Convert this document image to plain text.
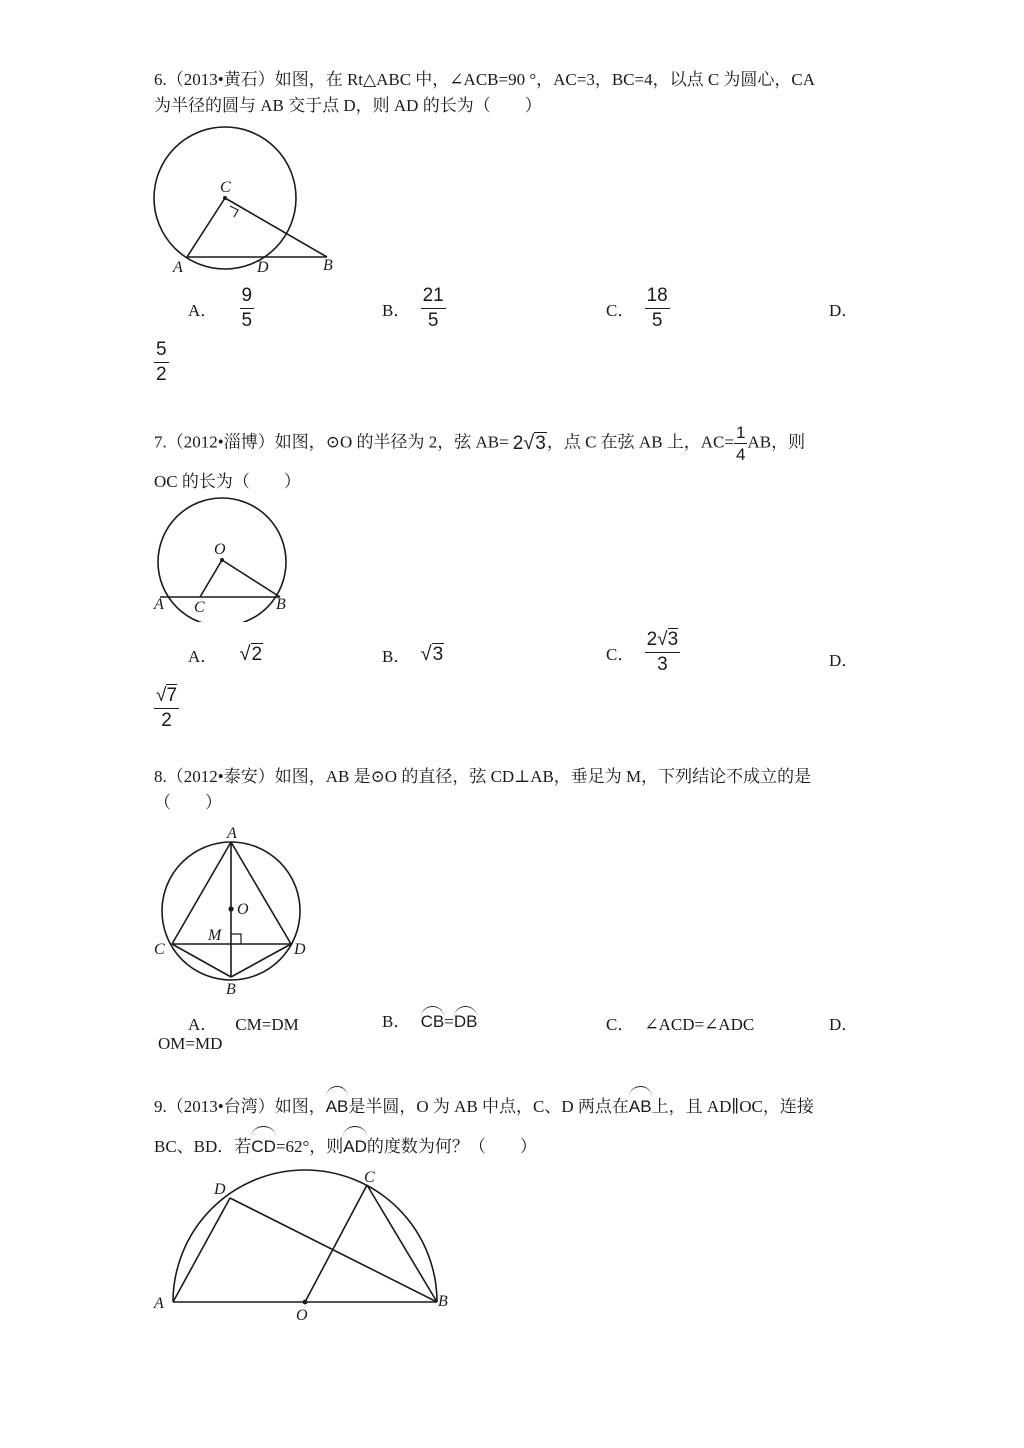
6.（2013•黄石）如图，在 Rt△ABC 中，∠ACB=90 °，AC=3，BC=4，以点 C 为圆心，CA
为半径的圆与 AB 交于点 D，则 AD 的长为（　　）
C
A	D	B
A． $\frac{9}{5}$	B． $\frac{21}{5}$	C． $\frac{18}{5}$	D．
$\frac{5}{2}$
7.（2012•淄博）如图，⊙O 的半径为 2，弦 AB= 2√3，点 C 在弦 AB 上，$AC= \frac{1}{4}$ AB，则
OC 的长为（　　）
O
A C	B
A． √2	B． √3	C． $\frac{2√3}{3}$	D．
$\frac{√7}{2}$
8.（2012•泰安）如图，AB 是⊙O 的直径，弦 CD⊥AB，垂足为 M，下列结论不成立的是
（　　）
A
O
M
C	D
B
A． CM=DM	B． CB=DB	C． ∠ACD=∠ADC	D．
OM=MD
9.（2013•台湾）如图，AB是半圆，O 为 AB 中点，C、D 两点在AB上，且 AD∥OC，连接
BC、BD．若CD=62°，则AD的度数为何？（　　）
D
C
A
O
B
